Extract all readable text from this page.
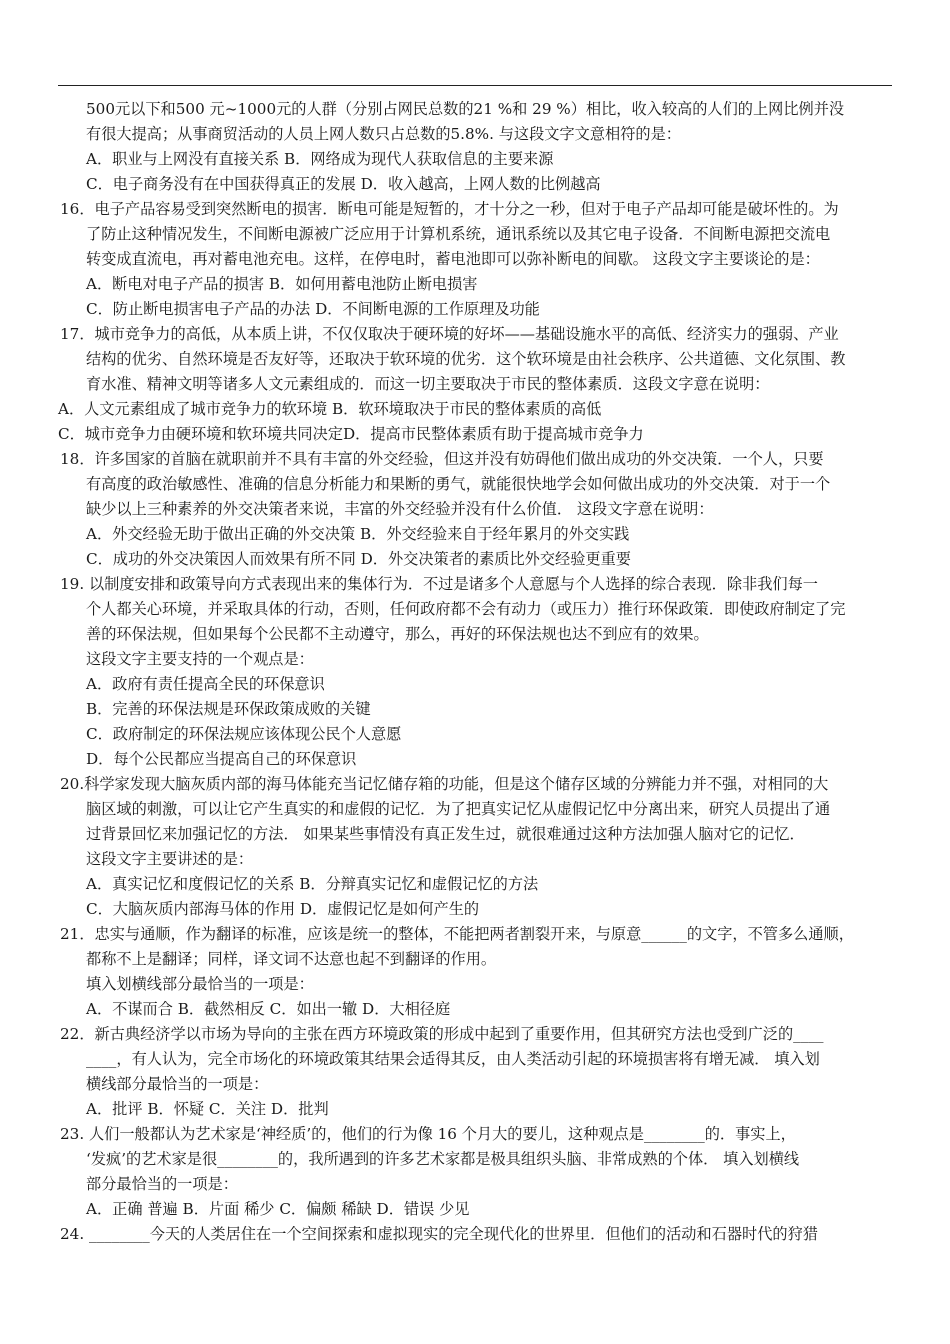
500元以下和500 元~1000元的人群（分别占网民总数的21 %和 29 %）相比，收入较高的人们的上网比例并没
有很大提高；从事商贸活动的人员上网人数只占总数的5.8%. 与这段文字文意相符的是：
A．职业与上网没有直接关系 B．网络成为现代人获取信息的主要来源
C．电子商务没有在中国获得真正的发展 D．收入越高，上网人数的比例越高
16．电子产品容易受到突然断电的损害．断电可能是短暂的，才十分之一秒，但对于电子产品却可能是破坏性的。为
了防止这种情况发生，不间断电源被广泛应用于计算机系统，通讯系统以及其它电子设备．不间断电源把交流电
转变成直流电，再对蓄电池充电。这样，在停电时，蓄电池即可以弥补断电的间歇。 这段文字主要谈论的是：
A．断电对电子产品的损害 B．如何用蓄电池防止断电损害
C．防止断电损害电子产品的办法 D．不间断电源的工作原理及功能
17．城市竞争力的高低，从本质上讲，不仅仅取决于硬环境的好坏——基础设施水平的高低、经济实力的强弱、产业
结构的优劣、自然环境是否友好等，还取决于软环境的优劣．这个软环境是由社会秩序、公共道德、文化氛围、教
育水准、精神文明等诸多人文元素组成的．而这一切主要取决于市民的整体素质．这段文字意在说明：
A．人文元素组成了城市竞争力的软环境 B．软环境取决于市民的整体素质的高低
C．城市竞争力由硬环境和软环境共同决定D．提高市民整体素质有助于提高城市竞争力
18．许多国家的首脑在就职前并不具有丰富的外交经验，但这并没有妨碍他们做出成功的外交决策．一个人，只要
有高度的政治敏感性、准确的信息分析能力和果断的勇气，就能很快地学会如何做出成功的外交决策．对于一个
缺少以上三种素养的外交决策者来说，丰富的外交经验并没有什么价值． 这段文字意在说明：
A．外交经验无助于做出正确的外交决策 B．外交经验来自于经年累月的外交实践
C．成功的外交决策因人而效果有所不同 D．外交决策者的素质比外交经验更重要
19. 以制度安排和政策导向方式表现出来的集体行为．不过是诸多个人意愿与个人选择的综合表现．除非我们每一
个人都关心环境，并采取具体的行动，否则，任何政府都不会有动力（或压力）推行环保政策．即使政府制定了完
善的环保法规，但如果每个公民都不主动遵守，那么，再好的环保法规也达不到应有的效果。
这段文字主要支持的一个观点是：
A．政府有责任提高全民的环保意识
B．完善的环保法规是环保政策成败的关键
C．政府制定的环保法规应该体现公民个人意愿
D．每个公民都应当提高自己的环保意识
20.科学家发现大脑灰质内部的海马体能充当记忆储存箱的功能，但是这个储存区域的分辨能力并不强，对相同的大
脑区域的刺激，可以让它产生真实的和虚假的记忆．为了把真实记忆从虚假记忆中分离出来，研究人员提出了通
过背景回忆来加强记忆的方法． 如果某些事情没有真正发生过，就很难通过这种方法加强人脑对它的记忆．
这段文字主要讲述的是：
A．真实记忆和度假记忆的关系 B．分辩真实记忆和虚假记忆的方法
C．大脑灰质内部海马体的作用 D．虚假记忆是如何产生的
21．忠实与通顺，作为翻译的标准，应该是统一的整体，不能把两者割裂开来，与原意______的文字，不管多么通顺，
都称不上是翻译；同样，译文词不达意也起不到翻译的作用。
填入划横线部分最恰当的一项是：
A．不谋而合 B．截然相反 C．如出一辙 D．大相径庭
22．新古典经济学以市场为导向的主张在西方环境政策的形成中起到了重要作用，但其研究方法也受到广泛的____
____，有人认为，完全市场化的环境政策其结果会适得其反，由人类活动引起的环境损害将有增无减． 填入划
横线部分最恰当的一项是：
A．批评 B．怀疑 C．关注 D．批判
23. 人们一般都认为艺术家是‘神经质’的，他们的行为像 16 个月大的要儿，这种观点是________的．事实上，
‘发疯’的艺术家是很________的，我所遇到的许多艺术家都是极具组织头脑、非常成熟的个体． 填入划横线
部分最恰当的一项是：
A．正确 普遍 B．片面 稀少 C．偏颇 稀缺 D．错误 少见
24. ________今天的人类居住在一个空间探索和虚拟现实的完全现代化的世界里．但他们的活动和石器时代的狩猎
